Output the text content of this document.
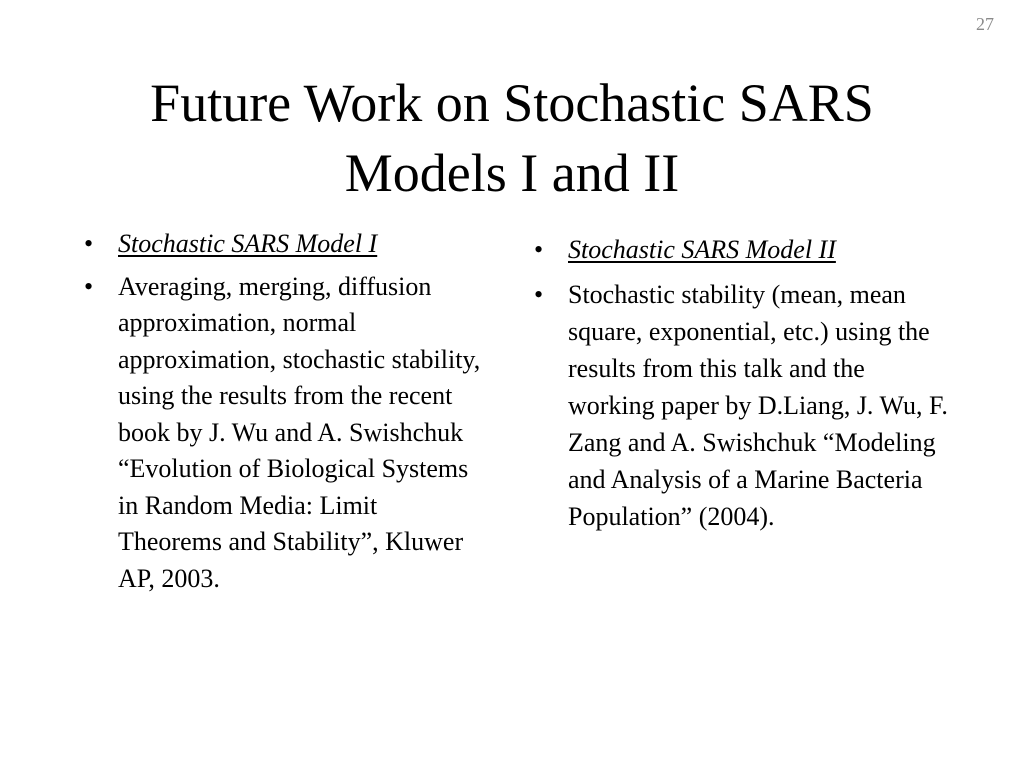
27
Future Work on Stochastic SARS
Models I and II
• Stochastic SARS Model I
• Averaging, merging, diffusion approximation, normal approximation, stochastic stability, using the results from the recent book by J. Wu and A. Swishchuk “Evolution of Biological Systems in Random Media: Limit Theorems and Stability”, Kluwer AP, 2003.
• Stochastic SARS Model II
• Stochastic stability (mean, mean square, exponential, etc.) using the results from this talk and the working paper by D.Liang, J. Wu, F. Zang and A. Swishchuk “Modeling and Analysis of a Marine Bacteria Population” (2004).
